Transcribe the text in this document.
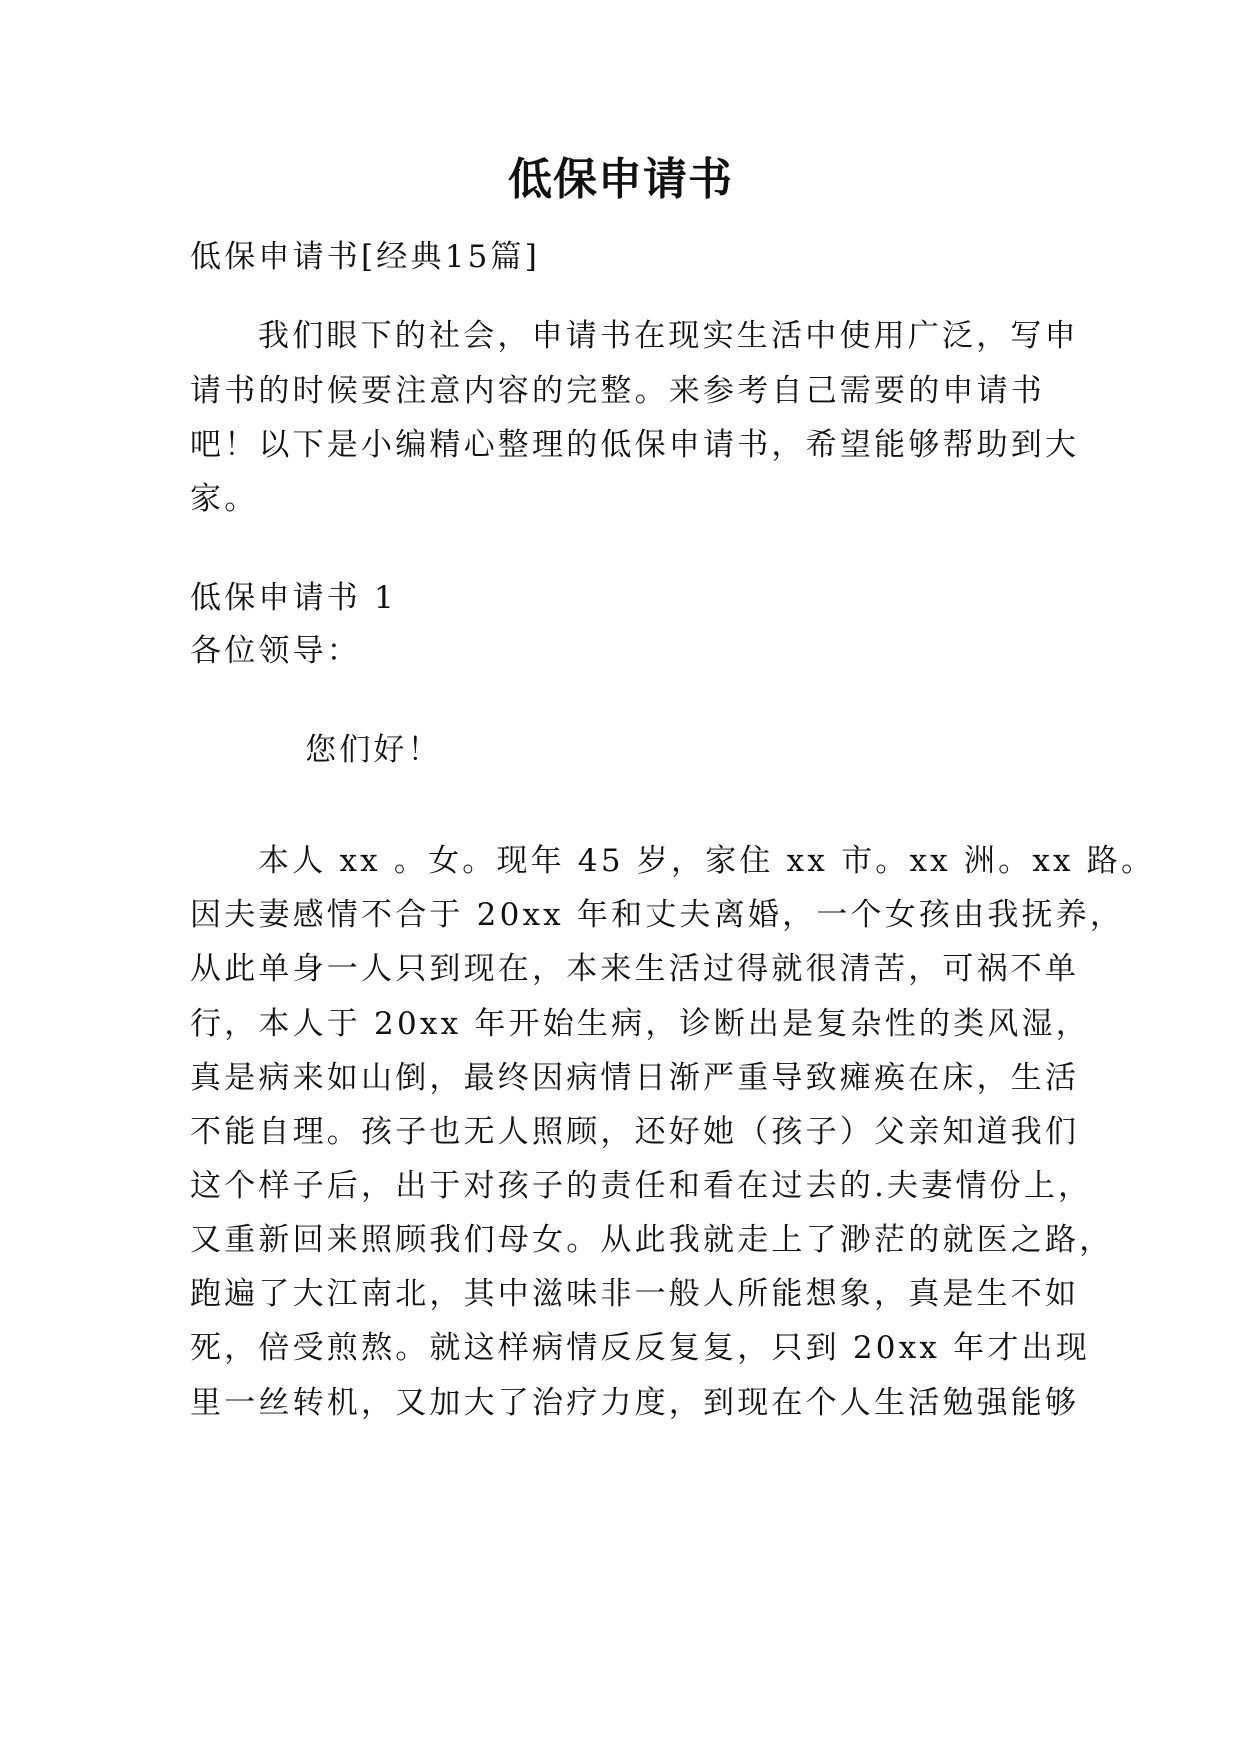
低保申请书
低保申请书[经典15篇]
我们眼下的社会，申请书在现实生活中使用广泛，写申
请书的时候要注意内容的完整。来参考自己需要的申请书
吧！以下是小编精心整理的低保申请书，希望能够帮助到大
家。
低保申请书 1
各位领导：
您们好！
本人 xx 。女。现年 45 岁，家住 xx 市。xx 洲。xx 路。
因夫妻感情不合于 20xx 年和丈夫离婚，一个女孩由我抚养，
从此单身一人只到现在，本来生活过得就很清苦，可祸不单
行，本人于 20xx 年开始生病，诊断出是复杂性的类风湿，
真是病来如山倒，最终因病情日渐严重导致瘫痪在床，生活
不能自理。孩子也无人照顾，还好她（孩子）父亲知道我们
这个样子后，出于对孩子的责任和看在过去的.夫妻情份上，
又重新回来照顾我们母女。从此我就走上了渺茫的就医之路，
跑遍了大江南北，其中滋味非一般人所能想象，真是生不如
死，倍受煎熬。就这样病情反反复复，只到 20xx 年才出现
里一丝转机，又加大了治疗力度，到现在个人生活勉强能够
